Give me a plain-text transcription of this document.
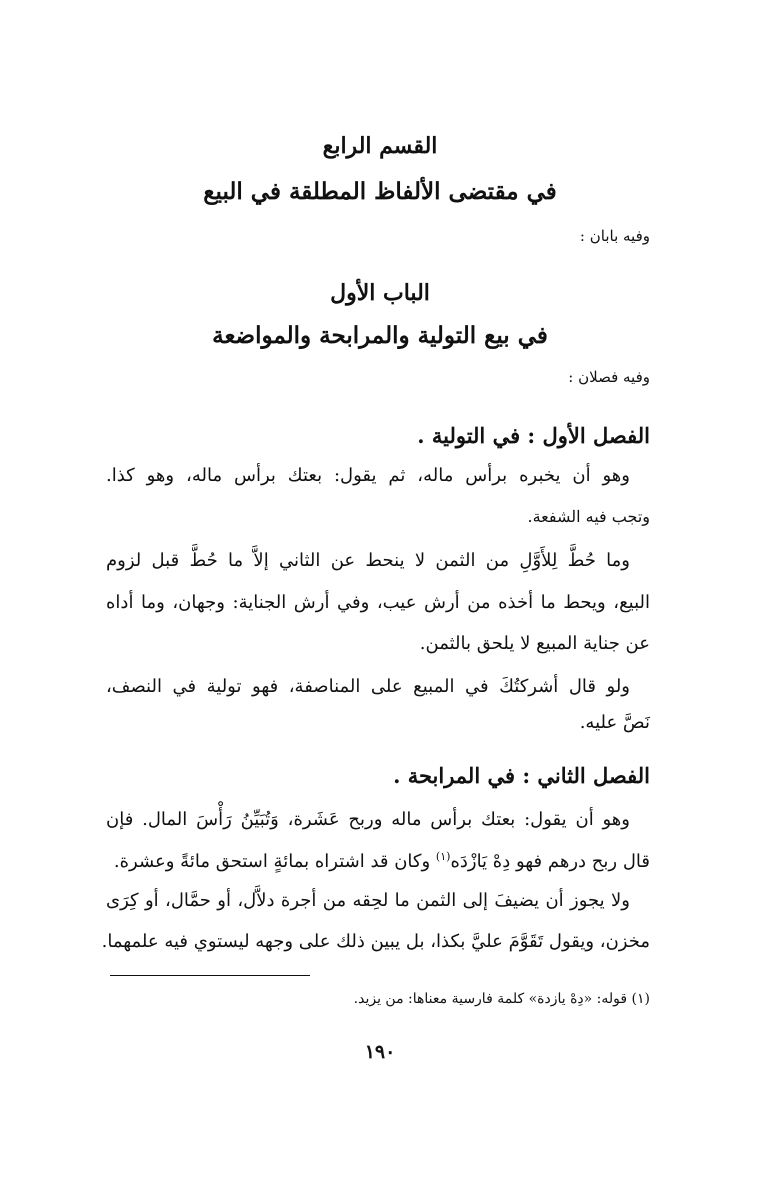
القسم الرابع
في مقتضى الألفاظ المطلقة في البيع
وفيه بابان :
الباب الأول
في بيع التولية والمرابحة والمواضعة
وفيه فصلان :
الفصل الأول : في التولية .
وهو أن يخبره برأس ماله، ثم يقول: بعتك برأس ماله، وهو كذا.
وتجب فيه الشفعة.
وما حُطَّ لِلأَوَّلِ من الثمن لا ينحط عن الثاني إلاَّ ما حُطَّ قبل لزوم
البيع، ويحط ما أخذه من أرش عيب، وفي أرش الجناية: وجهان، وما أداه
عن جناية المبيع لا يلحق بالثمن.
ولو قال أشركتُكَ في المبيع على المناصفة، فهو تولية في النصف،
نَصَّ عليه.
الفصل الثاني : في المرابحة .
وهو أن يقول: بعتك برأس ماله وربح عَشَرة، وَتُبَيِّنُ رَأْسَ المال. فإن
قال ربح درهم فهو دِهْ يَازْدَه$^{(١)}$ وكان قد اشتراه بمائةٍ استحق مائةً وعشرة.
ولا يجوز أن يضيفَ إلى الثمن ما لحِقه من أجرة دلاَّل، أو حمَّال، أو كِرَى
مخزن، ويقول تَقَوَّمَ عليَّ بكذا، بل يبين ذلك على وجهه ليستوي فيه علمهما.
(١) قوله: «دِهْ يازدة» كلمة فارسية معناها: من يزيد.
١٩٠
